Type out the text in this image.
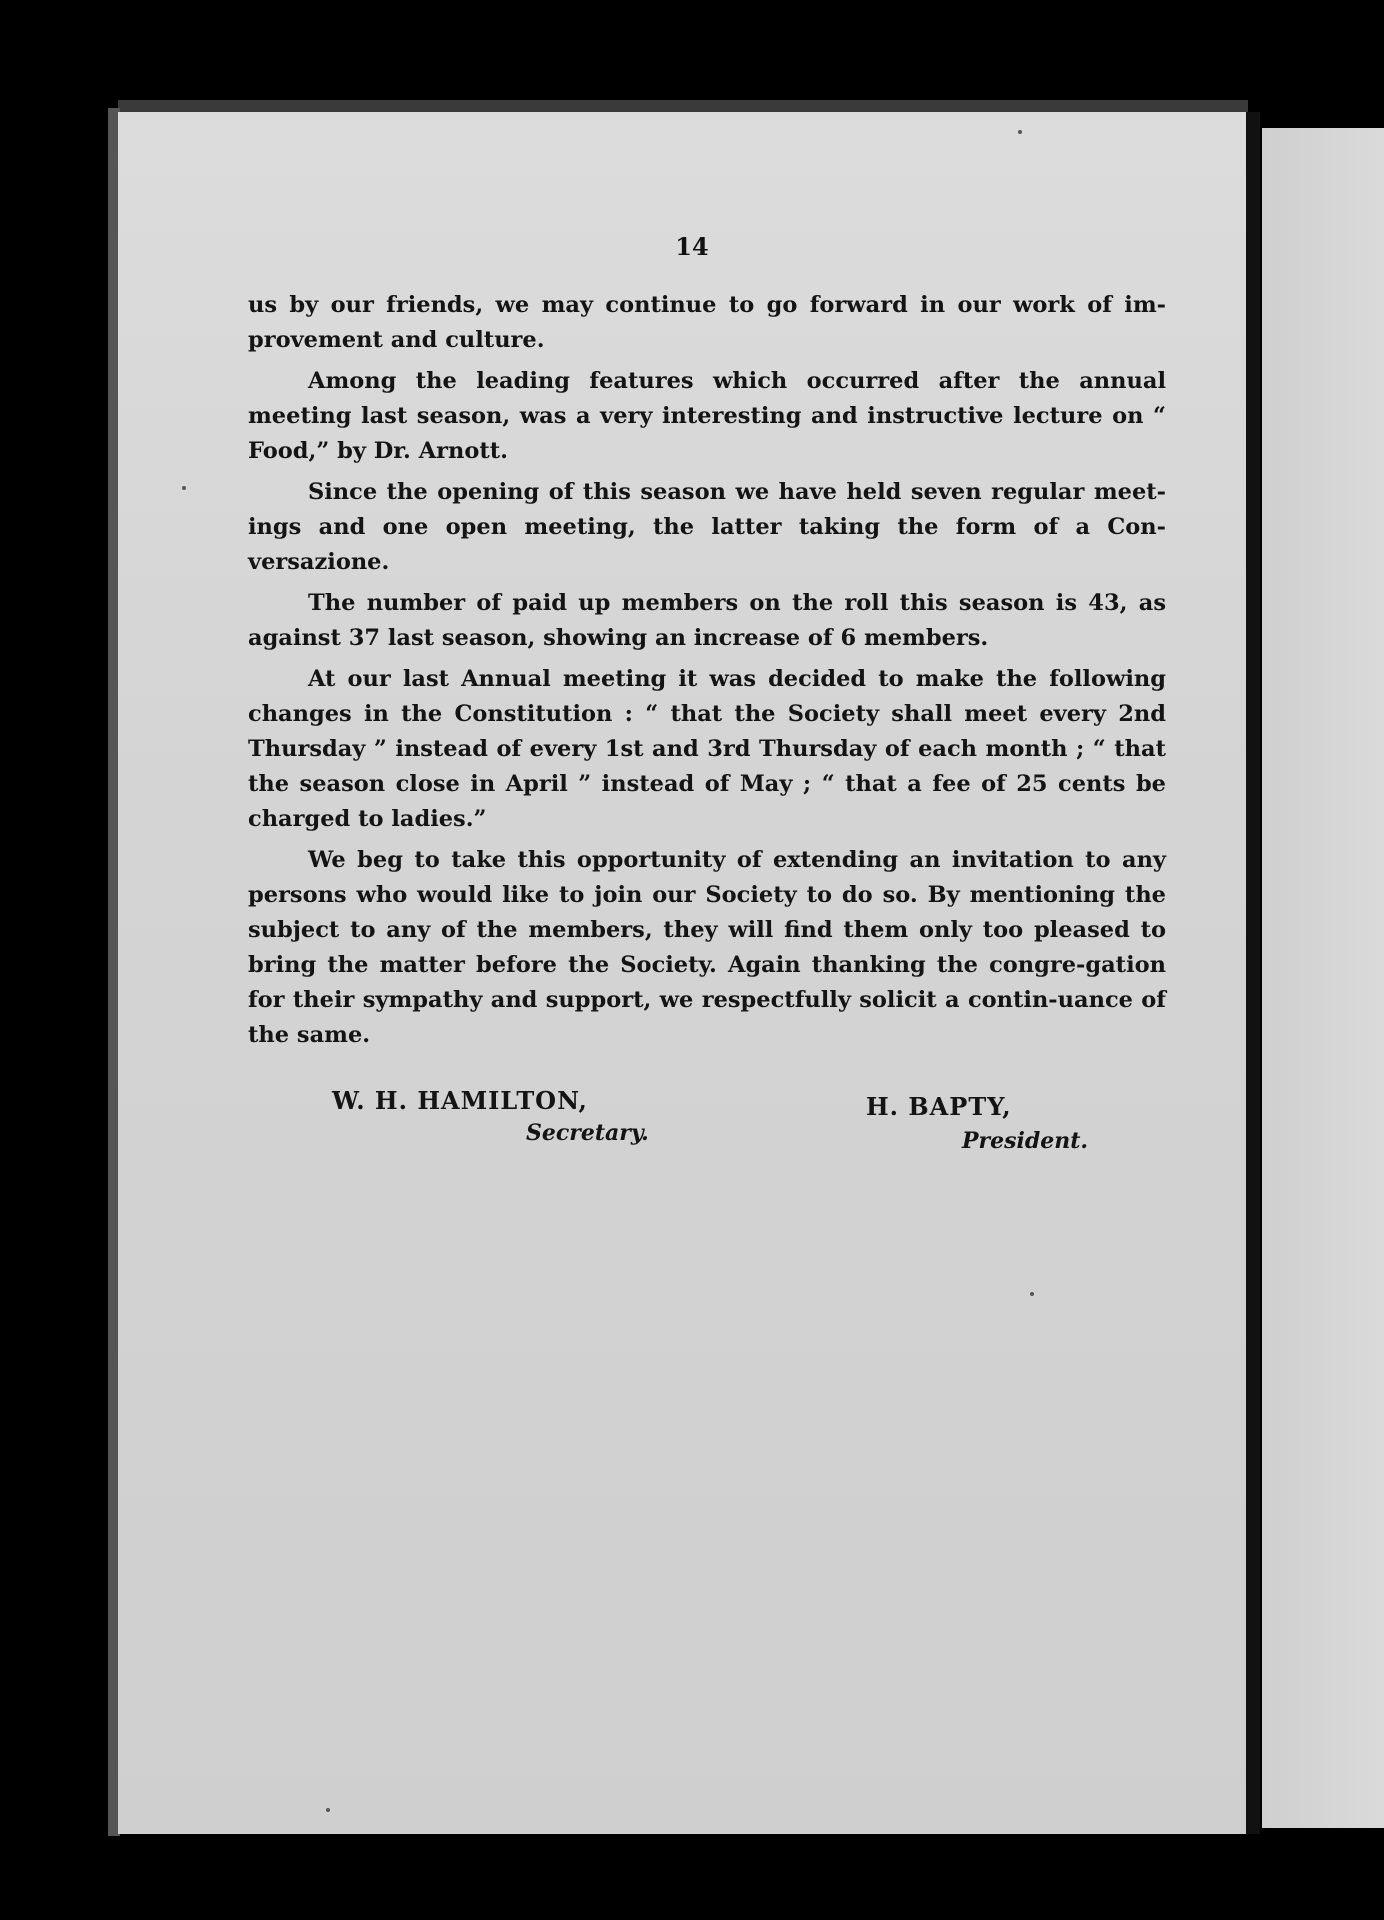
14

us by our friends, we may continue to go forward in our work of im-provement and culture.

Among the leading features which occurred after the annual meeting last season, was a very interesting and instructive lecture on “ Food,” by Dr. Arnott.

Since the opening of this season we have held seven regular meet-ings and one open meeting, the latter taking the form of a Con-versazione.

The number of paid up members on the roll this season is 43, as against 37 last season, showing an increase of 6 members.

At our last Annual meeting it was decided to make the following changes in the Constitution : “ that the Society shall meet every 2nd Thursday ” instead of every 1st and 3rd Thursday of each month ; “ that the season close in April ” instead of May ; “ that a fee of 25 cents be charged to ladies.”

We beg to take this opportunity of extending an invitation to any persons who would like to join our Society to do so. By mentioning the subject to any of the members, they will find them only too pleased to bring the matter before the Society. Again thanking the congre-gation for their sympathy and support, we respectfully solicit a contin-uance of the same.

W. H. HAMILTON,
Secretary.
H. BAPTY,
President.
